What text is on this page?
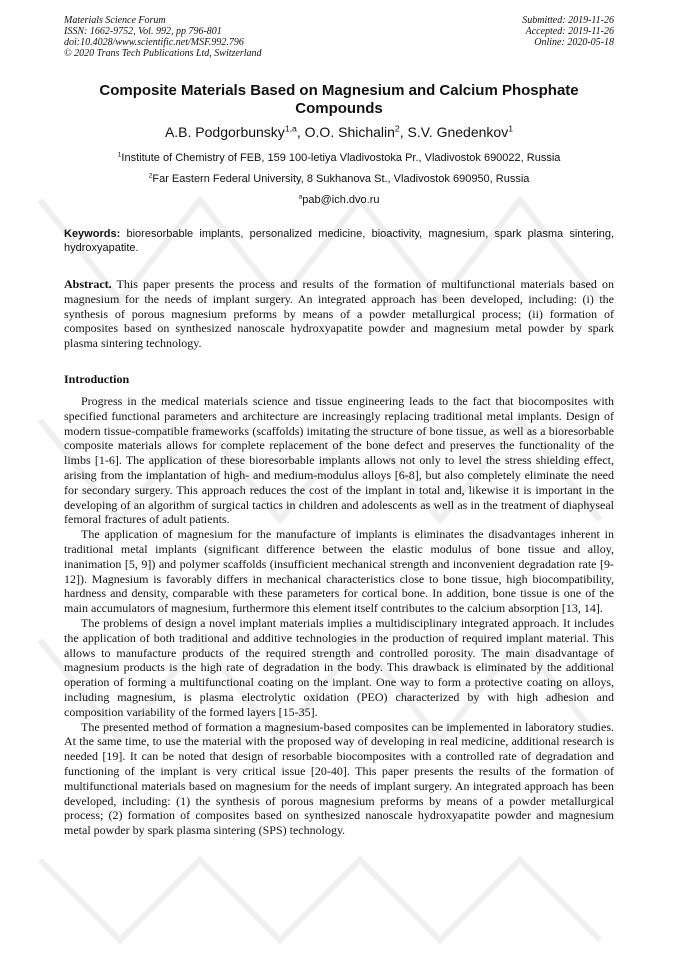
Materials Science Forum
ISSN: 1662-9752, Vol. 992, pp 796-801
doi:10.4028/www.scientific.net/MSF.992.796
© 2020 Trans Tech Publications Ltd, Switzerland
Submitted: 2019-11-26
Accepted: 2019-11-26
Online: 2020-05-18
Composite Materials Based on Magnesium and Calcium Phosphate Compounds
A.B. Podgorbunsky$^{1,a}$, O.O. Shichalin$^2$, S.V. Gnedenkov$^1$
$^1$Institute of Chemistry of FEB, 159 100-letiya Vladivostoka Pr., Vladivostok 690022, Russia
$^2$Far Eastern Federal University, 8 Sukhanova St., Vladivostok 690950, Russia
$^a$pab@ich.dvo.ru
Keywords: bioresorbable implants, personalized medicine, bioactivity, magnesium, spark plasma sintering, hydroxyapatite.
Abstract. This paper presents the process and results of the formation of multifunctional materials based on magnesium for the needs of implant surgery. An integrated approach has been developed, including: (i) the synthesis of porous magnesium preforms by means of a powder metallurgical process; (ii) formation of composites based on synthesized nanoscale hydroxyapatite powder and magnesium metal powder by spark plasma sintering technology.
Introduction

Progress in the medical materials science and tissue engineering leads to the fact that biocomposites with specified functional parameters and architecture are increasingly replacing traditional metal implants. Design of modern tissue-compatible frameworks (scaffolds) imitating the structure of bone tissue, as well as a bioresorbable composite materials allows for complete replacement of the bone defect and preserves the functionality of the limbs [1-6]. The application of these bioresorbable implants allows not only to level the stress shielding effect, arising from the implantation of high- and medium-modulus alloys [6-8], but also completely eliminate the need for secondary surgery. This approach reduces the cost of the implant in total and, likewise it is important in the developing of an algorithm of surgical tactics in children and adolescents as well as in the treatment of diaphyseal femoral fractures of adult patients.

The application of magnesium for the manufacture of implants is eliminates the disadvantages inherent in traditional metal implants (significant difference between the elastic modulus of bone tissue and alloy, inanimation [5, 9]) and polymer scaffolds (insufficient mechanical strength and inconvenient degradation rate [9-12]). Magnesium is favorably differs in mechanical characteristics close to bone tissue, high biocompatibility, hardness and density, comparable with these parameters for cortical bone. In addition, bone tissue is one of the main accumulators of magnesium, furthermore this element itself contributes to the calcium absorption [13, 14].

The problems of design a novel implant materials implies a multidisciplinary integrated approach. It includes the application of both traditional and additive technologies in the production of required implant material. This allows to manufacture products of the required strength and controlled porosity. The main disadvantage of magnesium products is the high rate of degradation in the body. This drawback is eliminated by the additional operation of forming a multifunctional coating on the implant. One way to form a protective coating on alloys, including magnesium, is plasma electrolytic oxidation (PEO) characterized by with high adhesion and composition variability of the formed layers [15-35].

The presented method of formation a magnesium-based composites can be implemented in laboratory studies. At the same time, to use the material with the proposed way of developing in real medicine, additional research is needed [19]. It can be noted that design of resorbable biocomposites with a controlled rate of degradation and functioning of the implant is very critical issue [20-40]. This paper presents the results of the formation of multifunctional materials based on magnesium for the needs of implant surgery. An integrated approach has been developed, including: (1) the synthesis of porous magnesium preforms by means of a powder metallurgical process; (2) formation of composites based on synthesized nanoscale hydroxyapatite powder and magnesium metal powder by spark plasma sintering (SPS) technology.
